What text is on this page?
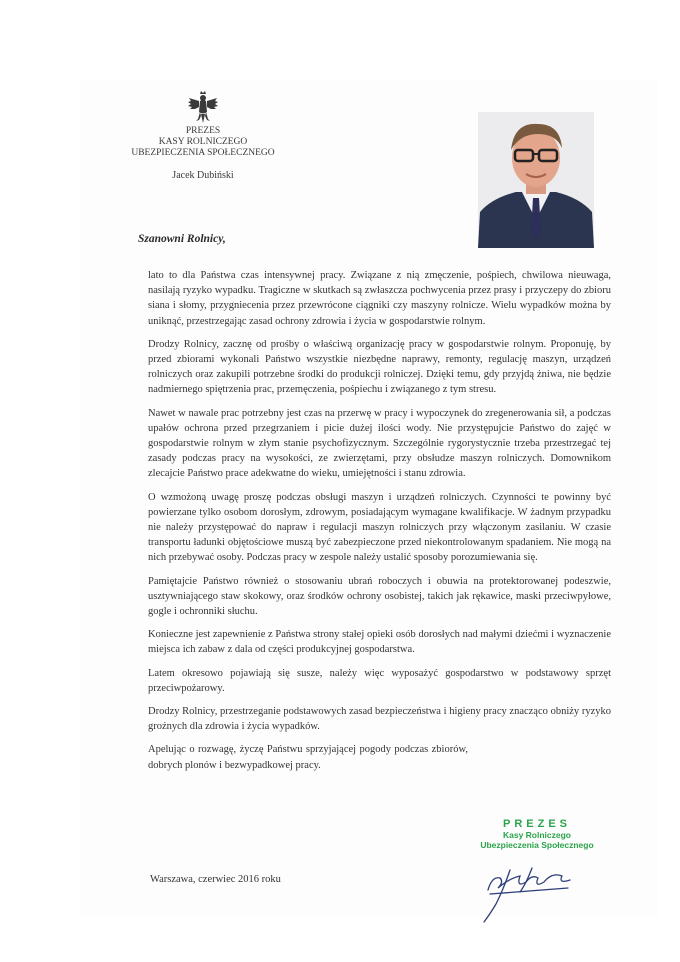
PREZES
KASY ROLNICZEGO
UBEZPIECZENIA SPOŁECZNEGO
Jacek Dubiński
Szanowni Rolnicy,

lato to dla Państwa czas intensywnej pracy. Związane z nią zmęczenie, pośpiech, chwilowa nieuwaga, nasilają ryzyko wypadku. Tragiczne w skutkach są zwłaszcza pochwycenia przez prasy i przyczepy do zbioru siana i słomy, przygniecenia przez przewrócone ciągniki czy maszyny rolnicze. Wielu wypadków można by uniknąć, przestrzegając zasad ochrony zdrowia i życia w gospodarstwie rolnym.

Drodzy Rolnicy, zacznę od prośby o właściwą organizację pracy w gospodarstwie rolnym. Proponuję, by przed zbiorami wykonali Państwo wszystkie niezbędne naprawy, remonty, regulację maszyn, urządzeń rolniczych oraz zakupili potrzebne środki do produkcji rolniczej. Dzięki temu, gdy przyjdą żniwa, nie będzie nadmiernego spiętrzenia prac, przemęczenia, pośpiechu i związanego z tym stresu.

Nawet w nawale prac potrzebny jest czas na przerwę w pracy i wypoczynek do zregenerowania sił, a podczas upałów ochrona przed przegrzaniem i picie dużej ilości wody. Nie przystępujcie Państwo do zajęć w gospodarstwie rolnym w złym stanie psychofizycznym. Szczególnie rygorystycznie trzeba przestrzegać tej zasady podczas pracy na wysokości, ze zwierzętami, przy obsłudze maszyn rolniczych. Domownikom zlecajcie Państwo prace adekwatne do wieku, umiejętności i stanu zdrowia.

O wzmożoną uwagę proszę podczas obsługi maszyn i urządzeń rolniczych. Czynności te powinny być powierzane tylko osobom dorosłym, zdrowym, posiadającym wymagane kwalifikacje. W żadnym przypadku nie należy przystępować do napraw i regulacji maszyn rolniczych przy włączonym zasilaniu. W czasie transportu ładunki objętościowe muszą być zabezpieczone przed niekontrolowanym spadaniem. Nie mogą na nich przebywać osoby. Podczas pracy w zespole należy ustalić sposoby porozumiewania się.

Pamiętajcie Państwo również o stosowaniu ubrań roboczych i obuwia na protektorowanej podeszwie, usztywniającego staw skokowy, oraz środków ochrony osobistej, takich jak rękawice, maski przeciwpyłowe, gogle i ochronniki słuchu.

Konieczne jest zapewnienie z Państwa strony stałej opieki osób dorosłych nad małymi dziećmi i wyznaczenie miejsca ich zabaw z dala od części produkcyjnej gospodarstwa.

Latem okresowo pojawiają się susze, należy więc wyposażyć gospodarstwo w podstawowy sprzęt przeciwpożarowy.

Drodzy Rolnicy, przestrzeganie podstawowych zasad bezpieczeństwa i higieny pracy znacząco obniży ryzyko groźnych dla zdrowia i życia wypadków.

Apelując o rozwagę, życzę Państwu sprzyjającej pogody podczas zbiorów, dobrych plonów i bezwypadkowej pracy.

PREZES
Kasy Rolniczego
Ubezpieczenia Społecznego
Warszawa, czerwiec 2016 roku
